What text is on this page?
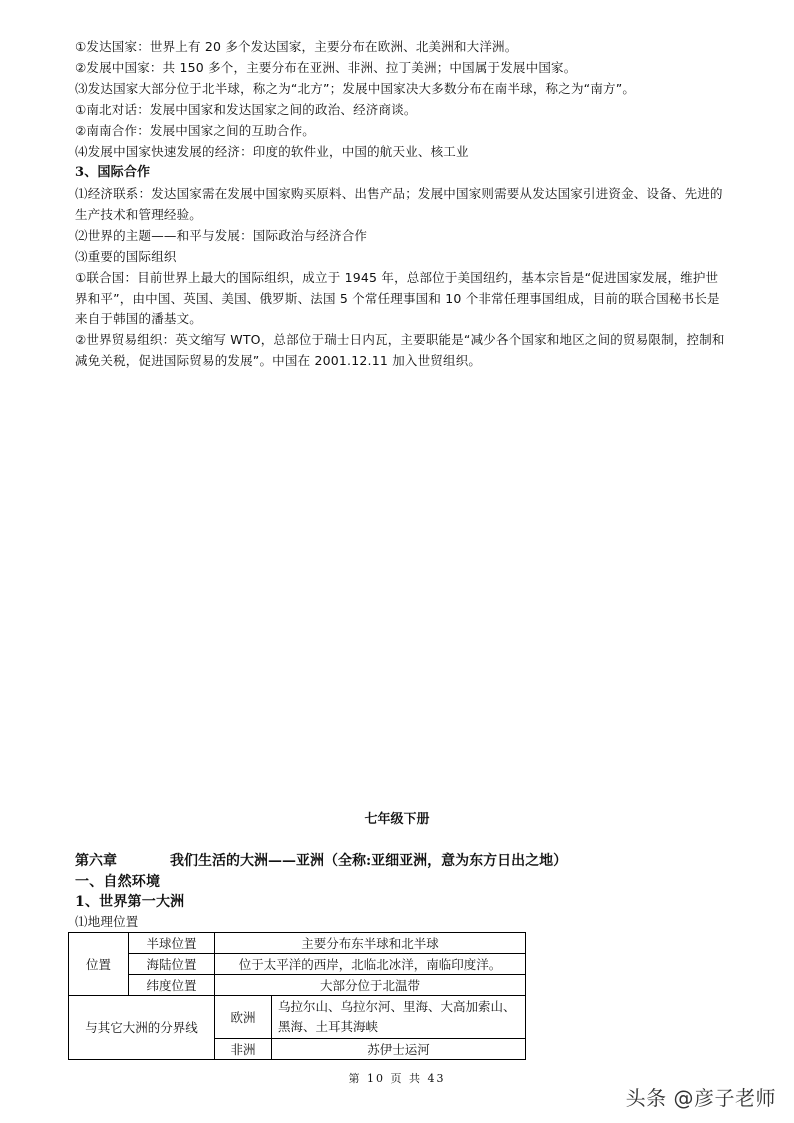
①发达国家：世界上有 20 多个发达国家，主要分布在欧洲、北美洲和大洋洲。
②发展中国家：共 150 多个，主要分布在亚洲、非洲、拉丁美洲；中国属于发展中国家。
⑶发达国家大部分位于北半球，称之为“北方”；发展中国家决大多数分布在南半球，称之为“南方”。
①南北对话：发展中国家和发达国家之间的政治、经济商谈。
②南南合作：发展中国家之间的互助合作。
⑷发展中国家快速发展的经济：印度的软件业，中国的航天业、核工业
3、国际合作
⑴经济联系：发达国家需在发展中国家购买原料、出售产品；发展中国家则需要从发达国家引进资金、设备、先进的生产技术和管理经验。
⑵世界的主题——和平与发展：国际政治与经济合作
⑶重要的国际组织
①联合国：目前世界上最大的国际组织，成立于 1945 年，总部位于美国纽约，基本宗旨是“促进国家发展，维护世界和平”，由中国、英国、美国、俄罗斯、法国 5 个常任理事国和 10 个非常任理事国组成，目前的联合国秘书长是来自于韩国的潘基文。
②世界贸易组织：英文缩写 WTO，总部位于瑞士日内瓦，主要职能是“减少各个国家和地区之间的贸易限制，控制和减免关税，促进国际贸易的发展”。中国在 2001.12.11 加入世贸组织。
七年级下册
第六章	我们生活的大洲——亚洲（全称:亚细亚洲，意为东方日出之地）
一、自然环境
1、世界第一大洲
⑴地理位置
位置	半球位置	主要分布东半球和北半球	
	海陆位置	位于太平洋的西岸，北临北冰洋，南临印度洋。	
	纬度位置	大部分位于北温带	
与其它大洲的分界线		欧洲	乌拉尔山、乌拉尔河、里海、大高加索山、黑海、土耳其海峡
		非洲	苏伊士运河
第 10 页 共 43
头条 @彦子老师
